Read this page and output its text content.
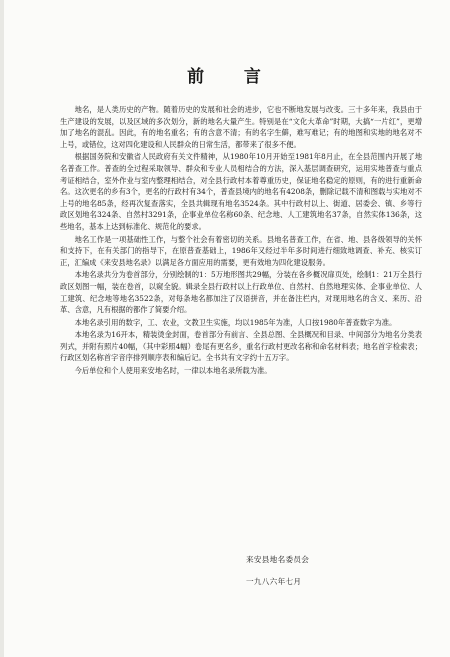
前 言

地名，是人类历史的产物。随着历史的发展和社会的进步，它也不断地发展与改变。三十多年来，我县由于生产建设的发展，以及区域的多次划分，新的地名大量产生。特别是在“文化大革命”时期，大搞“一片红”，更增加了地名的混乱。因此，有的地名重名；有的含意不清；有的名字生僻，难写难记；有的地图和实地的地名对不上号，或错位，这对四化建设和人民群众的日常生活，都带来了很多不便。

根据国务院和安徽省人民政府有关文件精神，从1980年10月开始至1981年8月止，在全县范围内开展了地名普查工作。普查的全过程采取领导、群众和专业人员相结合的方法，深入基层调查研究，运用实地普查与重点考证相结合，室外作业与室内整理相结合，对全县行政村本着尊重历史，保证地名稳定的原则，有的进行重新命名。这次更名的乡有3个，更名的行政村有34个，普查县境内的地名有4208条，删除记载不清和图载与实地对不上号的地名85条，经再次复查落实，全县共辑现有地名3524条。其中行政村以上、街道、居委会、镇、乡等行政区划地名324条、自然村3291条，企事业单位名称60条、纪念地、人工建筑地名37条，自然实体136条，这些地名，基本上达到标准化、规范化的要求。

地名工作是一项基础性工作，与整个社会有着密切的关系。县地名普查工作，在省、地、县各级领导的关怀和支持下，在有关部门的指导下，在原普查基础上，1986年又经过半年多时间进行细致地调查、补充、核实订正，汇编成《来安县地名录》以满足各方面应用的需要，更有效地为四化建设服务。

本地名录共分为卷首部分，分别绘制的1：5万地形图共29幅，分装在各乡概况扉页处，绘制1：21万全县行政区划图一幅，装在卷首，以窥全貌。辑录全县行政村以上行政单位、自然村、自然地理实体、企事业单位、人工建筑、纪念地等地名3522条，对每条地名都加注了汉语拼音，并在备注栏内，对现用地名的含义、来历、沿革、含意，凡有根据的都作了简要介绍。

本地名录引用的数字，工、农业，文教卫生实施，均以1985年为准，人口按1980年普查数字为准。

本地名录为16开本，精装烫金封面，卷首部分有前言、全县总图、全县概况和目录、中间部分为地名分类表列式，并附有照片40幅，（其中彩照4幅）卷尾有更名乡，重名行政村更改名称和命名材料表；地名首字检索表；行政区划名称首字音序排列顺序表和编后记。全书共有文字约十五万字。

今后单位和个人使用来安地名时，一律以本地名录所载为准。

来安县地名委员会
一九八六年七月
